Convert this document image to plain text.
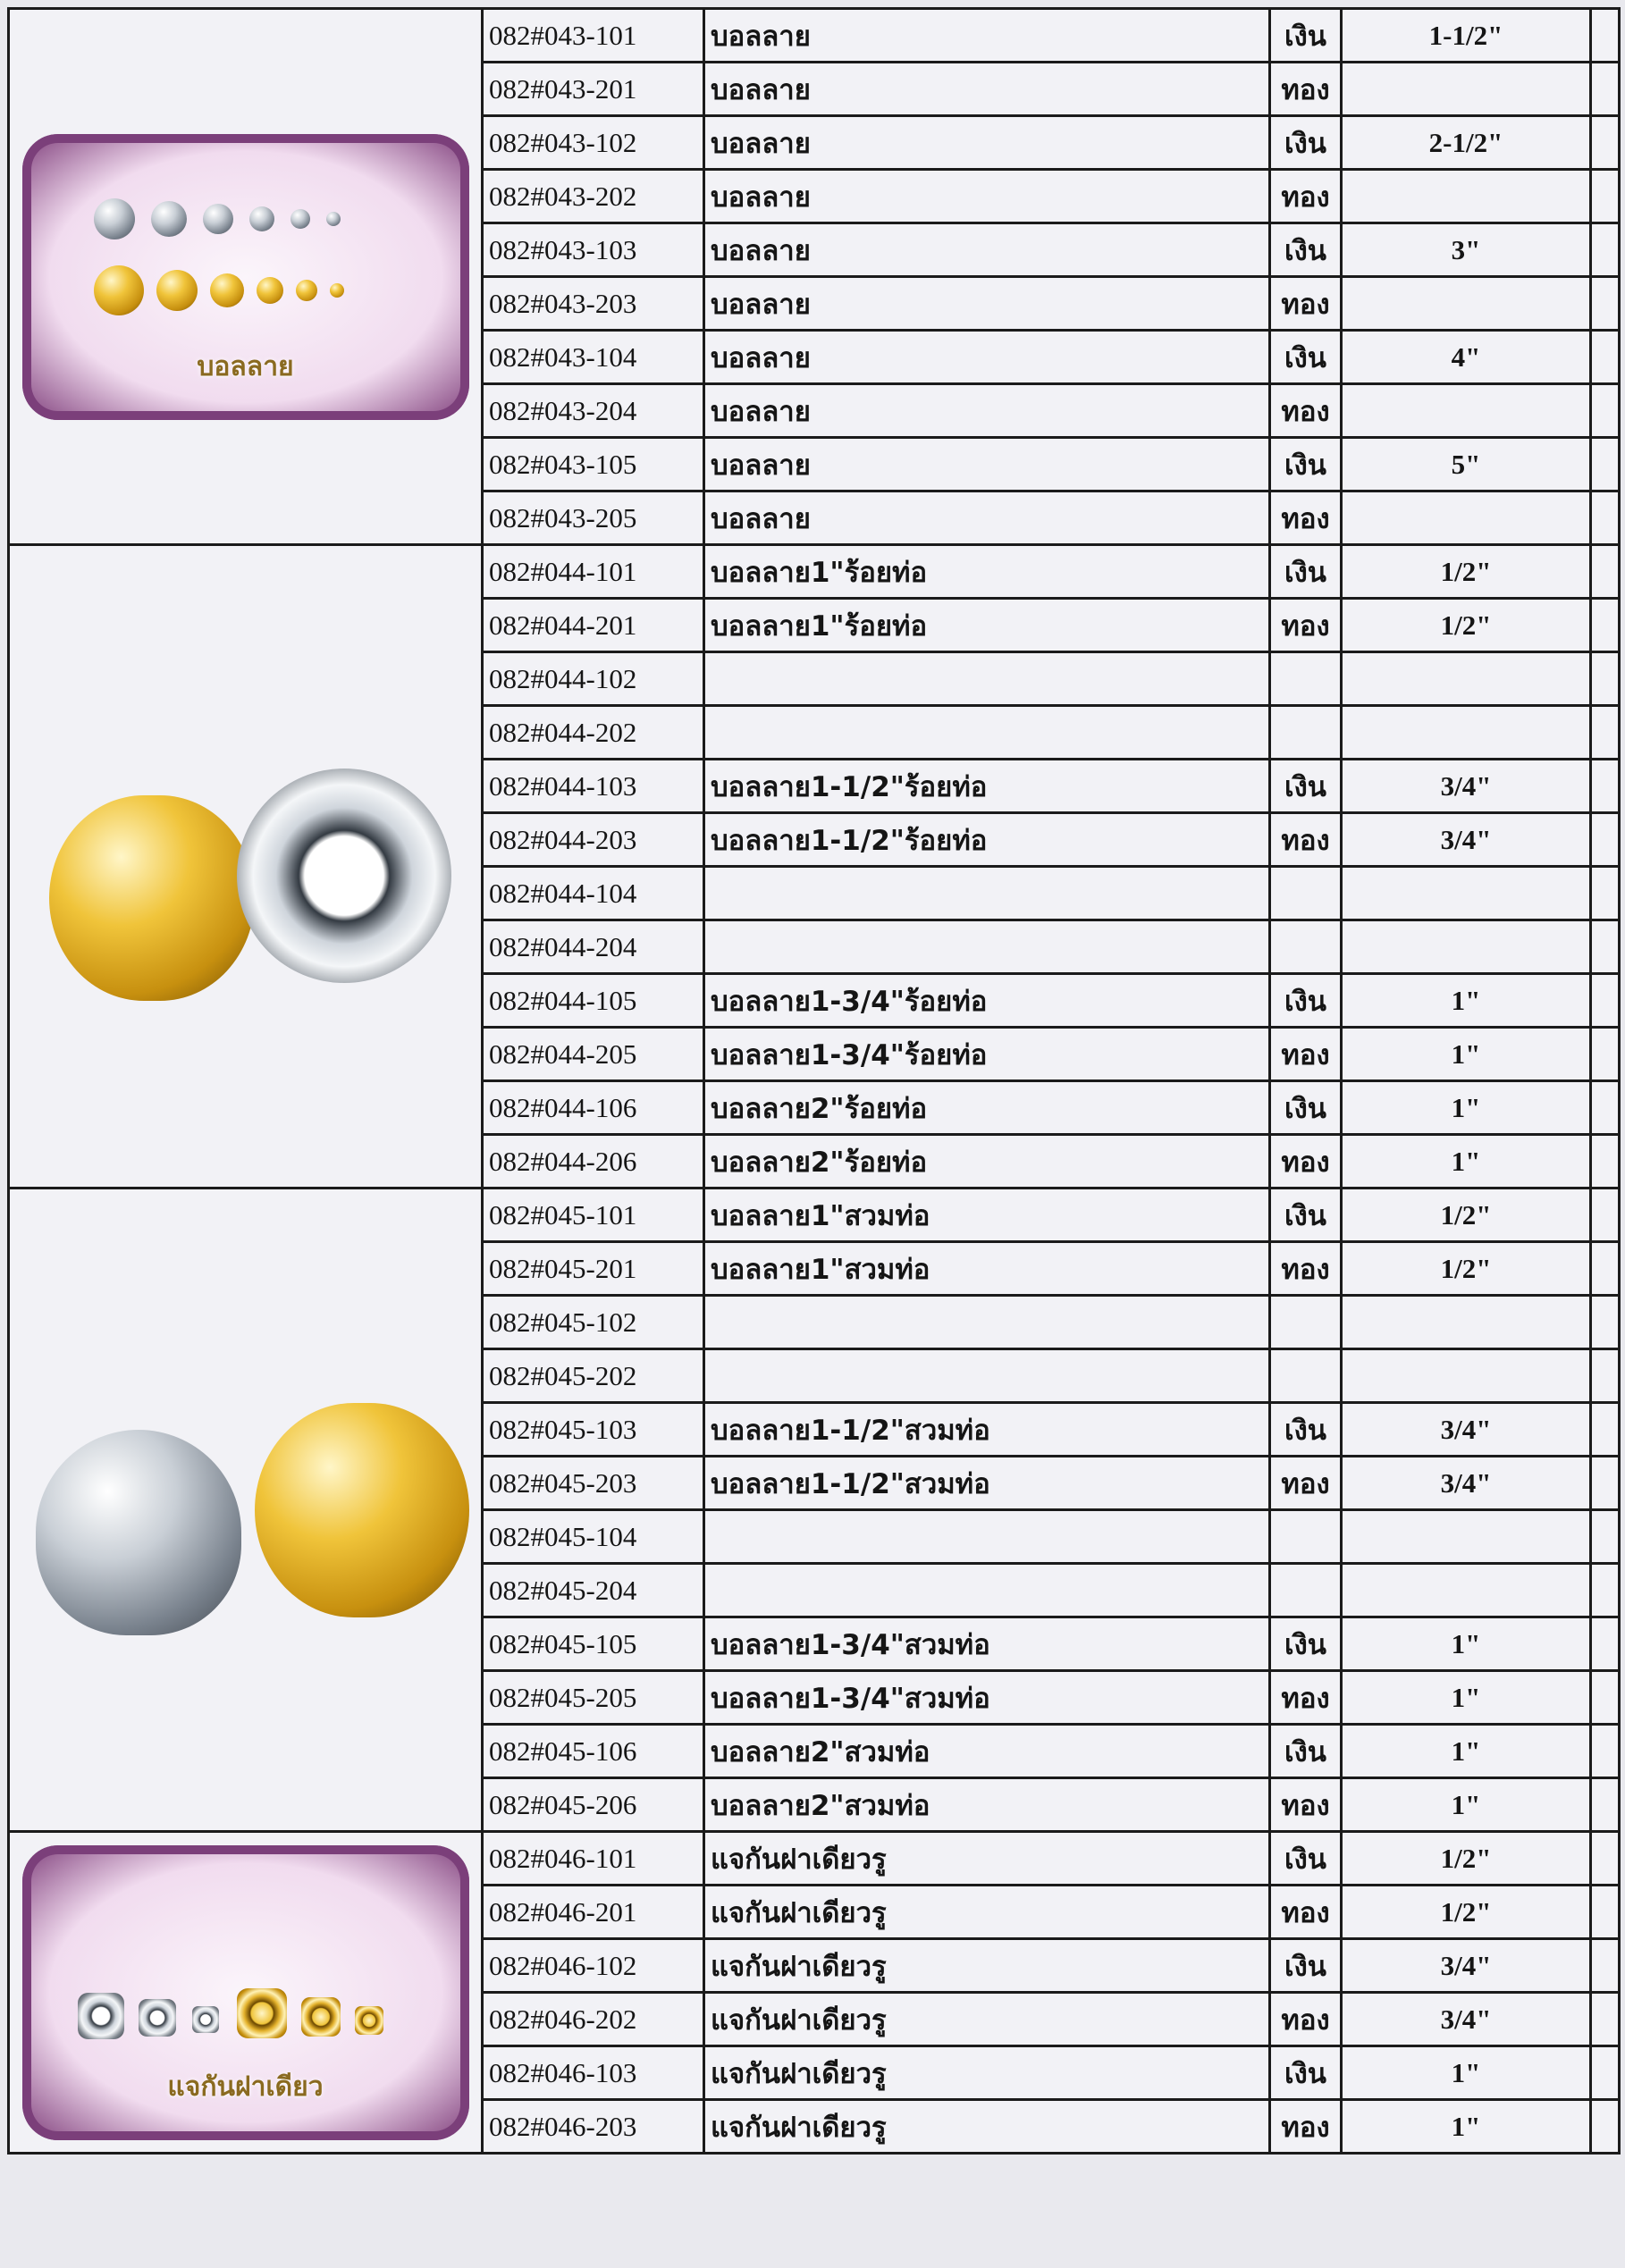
บอลลาย	082#043-101	บอลลาย	เงิน	1-1/2"	
	082#043-201	บอลลาย	ทอง		
	082#043-102	บอลลาย	เงิน	2-1/2"	
	082#043-202	บอลลาย	ทอง		
	082#043-103	บอลลาย	เงิน	3"	
	082#043-203	บอลลาย	ทอง		
	082#043-104	บอลลาย	เงิน	4"	
	082#043-204	บอลลาย	ทอง		
	082#043-105	บอลลาย	เงิน	5"	
	082#043-205	บอลลาย	ทอง		

	082#044-101	บอลลาย1"ร้อยท่อ	เงิน	1/2"	
	082#044-201	บอลลาย1"ร้อยท่อ	ทอง	1/2"	
	082#044-102				
	082#044-202				
	082#044-103	บอลลาย1-1/2"ร้อยท่อ	เงิน	3/4"	
	082#044-203	บอลลาย1-1/2"ร้อยท่อ	ทอง	3/4"	
	082#044-104				
	082#044-204				
	082#044-105	บอลลาย1-3/4"ร้อยท่อ	เงิน	1"	
	082#044-205	บอลลาย1-3/4"ร้อยท่อ	ทอง	1"	
	082#044-106	บอลลาย2"ร้อยท่อ	เงิน	1"	
	082#044-206	บอลลาย2"ร้อยท่อ	ทอง	1"	

	082#045-101	บอลลาย1"สวมท่อ	เงิน	1/2"	
	082#045-201	บอลลาย1"สวมท่อ	ทอง	1/2"	
	082#045-102				
	082#045-202				
	082#045-103	บอลลาย1-1/2"สวมท่อ	เงิน	3/4"	
	082#045-203	บอลลาย1-1/2"สวมท่อ	ทอง	3/4"	
	082#045-104				
	082#045-204				
	082#045-105	บอลลาย1-3/4"สวมท่อ	เงิน	1"	
	082#045-205	บอลลาย1-3/4"สวมท่อ	ทอง	1"	
	082#045-106	บอลลาย2"สวมท่อ	เงิน	1"	
	082#045-206	บอลลาย2"สวมท่อ	ทอง	1"	

แจกันฝาเดียว	082#046-101	แจกันฝาเดียวรู	เงิน	1/2"	
	082#046-201	แจกันฝาเดียวรู	ทอง	1/2"	
	082#046-102	แจกันฝาเดียวรู	เงิน	3/4"	
	082#046-202	แจกันฝาเดียวรู	ทอง	3/4"	
	082#046-103	แจกันฝาเดียวรู	เงิน	1"	
	082#046-203	แจกันฝาเดียวรู	ทอง	1"	
